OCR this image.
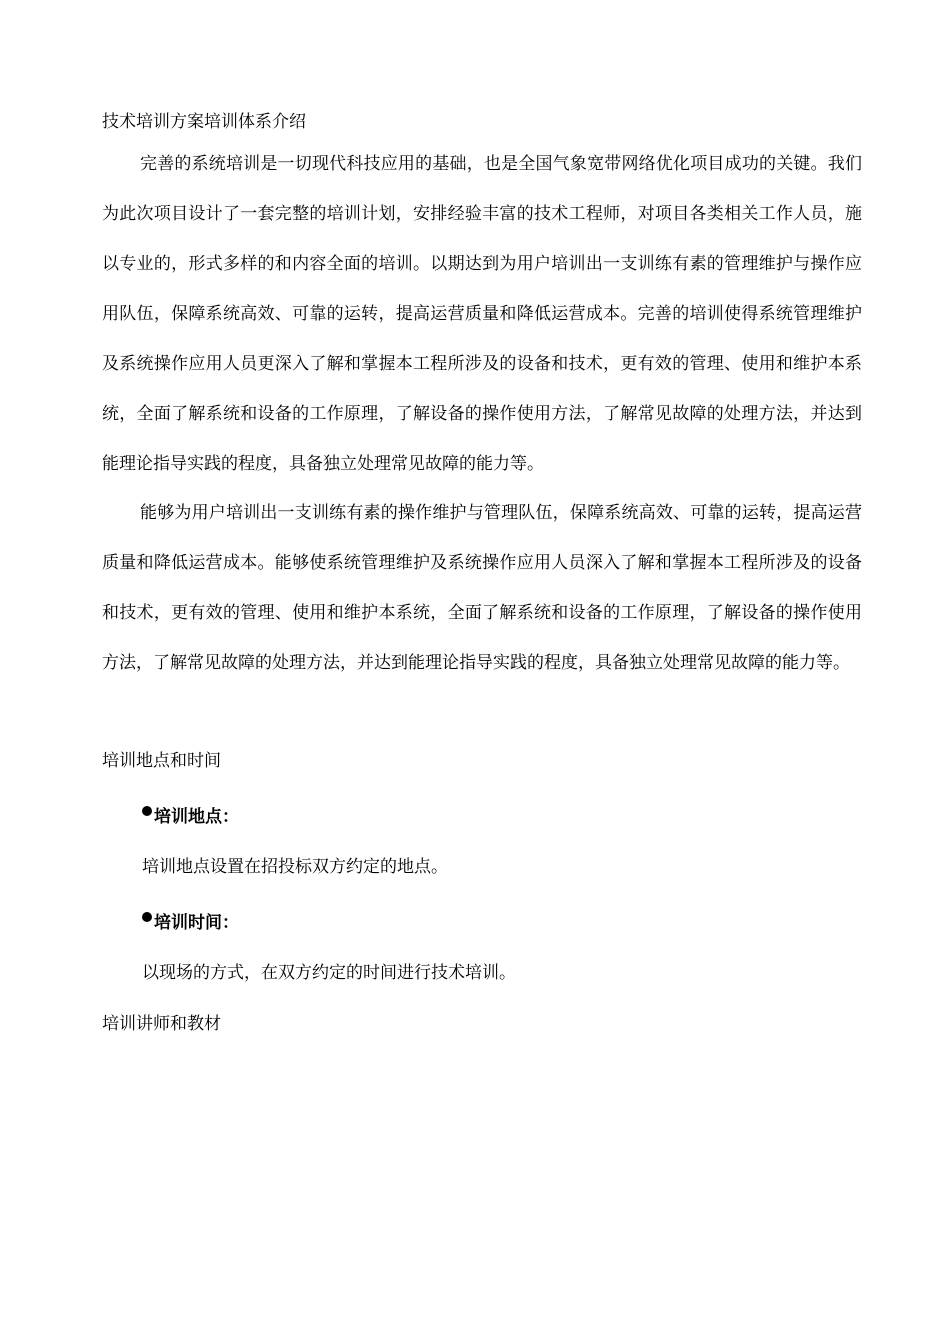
技术培训方案培训体系介绍
完善的系统培训是一切现代科技应用的基础，也是全国气象宽带网络优化项目成功的关键。我们为此次项目设计了一套完整的培训计划，安排经验丰富的技术工程师，对项目各类相关工作人员，施以专业的，形式多样的和内容全面的培训。以期达到为用户培训出一支训练有素的管理维护与操作应用队伍，保障系统高效、可靠的运转，提高运营质量和降低运营成本。完善的培训使得系统管理维护及系统操作应用人员更深入了解和掌握本工程所涉及的设备和技术，更有效的管理、使用和维护本系统，全面了解系统和设备的工作原理，了解设备的操作使用方法，了解常见故障的处理方法，并达到能理论指导实践的程度，具备独立处理常见故障的能力等。
能够为用户培训出一支训练有素的操作维护与管理队伍，保障系统高效、可靠的运转，提高运营质量和降低运营成本。能够使系统管理维护及系统操作应用人员深入了解和掌握本工程所涉及的设备和技术，更有效的管理、使用和维护本系统，全面了解系统和设备的工作原理，了解设备的操作使用方法，了解常见故障的处理方法，并达到能理论指导实践的程度，具备独立处理常见故障的能力等。
培训地点和时间
培训地点：
培训地点设置在招投标双方约定的地点。
培训时间：
以现场的方式，在双方约定的时间进行技术培训。
培训讲师和教材
